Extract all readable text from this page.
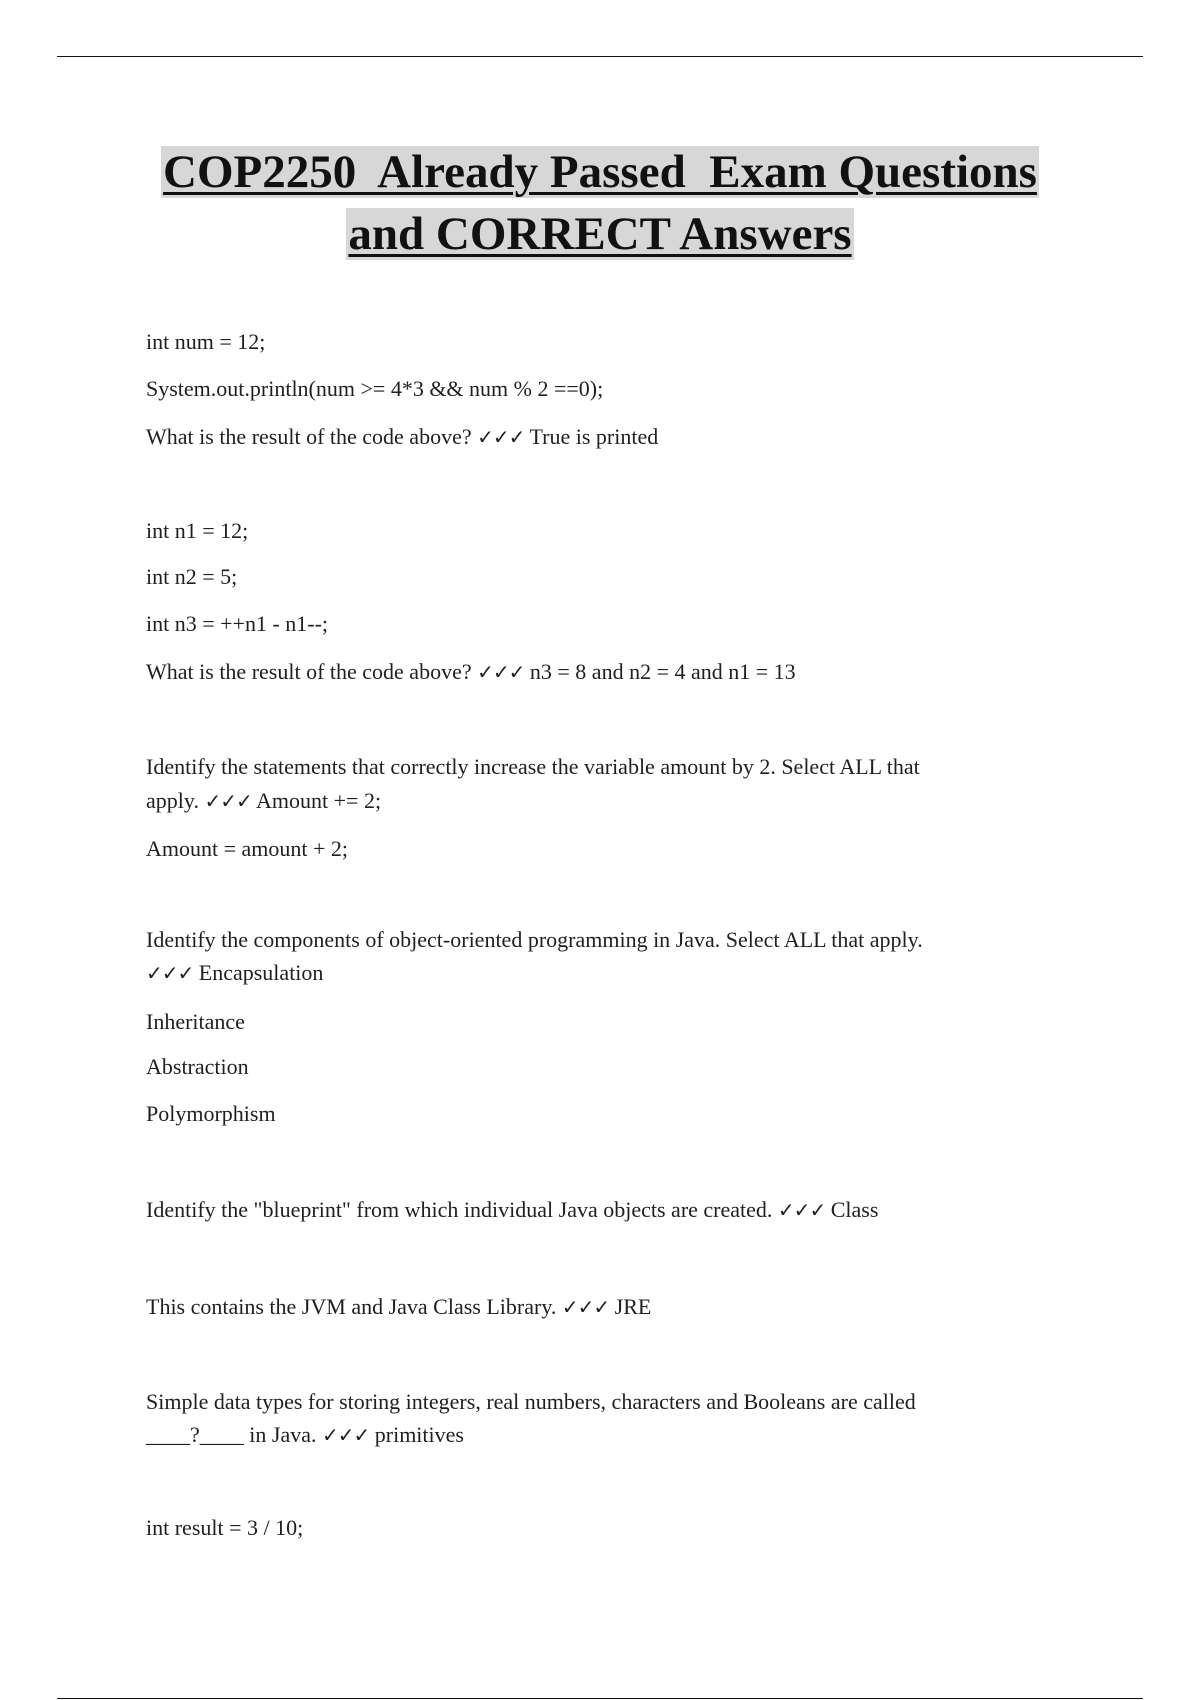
COP2250  Already Passed  Exam Questions
and CORRECT Answers
int num = 12;
System.out.println(num >= 4*3 && num % 2 ==0);
What is the result of the code above? ✓✓✓ True is printed
int n1 = 12;
int n2 = 5;
int n3 = ++n1 - n1--;
What is the result of the code above? ✓✓✓ n3 = 8 and n2 = 4 and n1 = 13
Identify the statements that correctly increase the variable amount by 2. Select ALL that
apply. ✓✓✓ Amount += 2;
Amount = amount + 2;
Identify the components of object-oriented programming in Java. Select ALL that apply.
✓✓✓ Encapsulation
Inheritance
Abstraction
Polymorphism
Identify the "blueprint" from which individual Java objects are created. ✓✓✓ Class
This contains the JVM and Java Class Library. ✓✓✓ JRE
Simple data types for storing integers, real numbers, characters and Booleans are called
____?____ in Java. ✓✓✓ primitives
int result = 3 / 10;
